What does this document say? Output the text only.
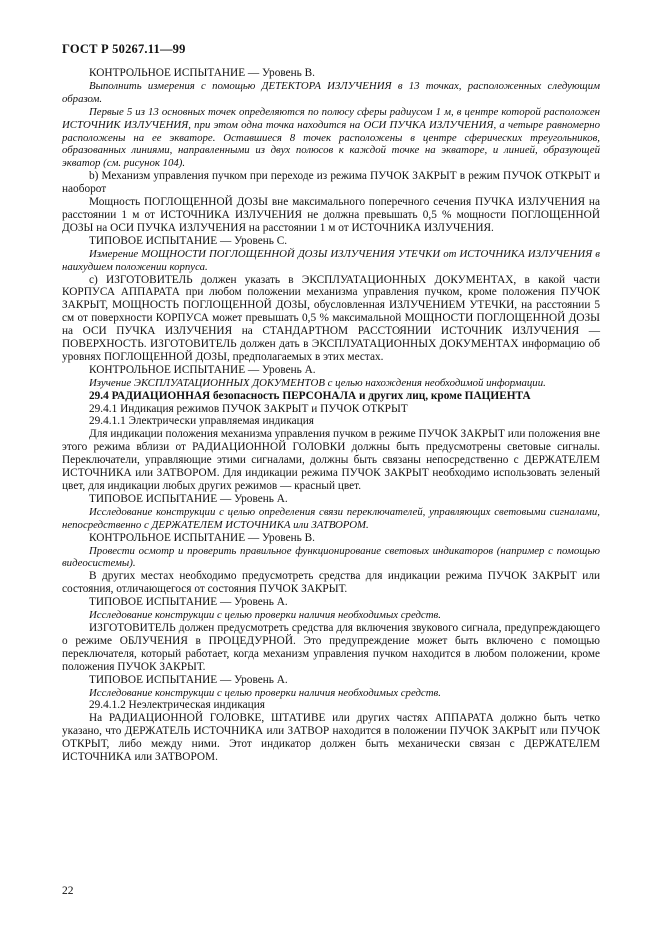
ГОСТ Р 50267.11—99

КОНТРОЛЬНОЕ ИСПЫТАНИЕ — Уровень В.

Выполнить измерения с помощью ДЕТЕКТОРА ИЗЛУЧЕНИЯ в 13 точках, расположенных следующим образом.

Первые 5 из 13 основных точек определяются по полюсу сферы радиусом 1 м, в центре которой расположен ИСТОЧНИК ИЗЛУЧЕНИЯ, при этом одна точка находится на ОСИ ПУЧКА ИЗЛУЧЕНИЯ, а четыре равномерно расположены на ее экваторе. Оставшиеся 8 точек расположены в центре сферических треугольников, образованных линиями, направленными из двух полюсов к каждой точке на экваторе, и линией, образующей экватор (см. рисунок 104).

b) Механизм управления пучком при переходе из режима ПУЧОК ЗАКРЫТ в режим ПУЧОК ОТКРЫТ и наоборот

Мощность ПОГЛОЩЕННОЙ ДОЗЫ вне максимального поперечного сечения ПУЧКА ИЗЛУЧЕНИЯ на расстоянии 1 м от ИСТОЧНИКА ИЗЛУЧЕНИЯ не должна превышать 0,5 % мощности ПОГЛОЩЕННОЙ ДОЗЫ на ОСИ ПУЧКА ИЗЛУЧЕНИЯ на расстоянии 1 м от ИСТОЧНИКА ИЗЛУЧЕНИЯ.

ТИПОВОЕ ИСПЫТАНИЕ — Уровень С.

Измерение МОЩНОСТИ ПОГЛОЩЕННОЙ ДОЗЫ ИЗЛУЧЕНИЯ УТЕЧКИ от ИСТОЧНИКА ИЗЛУЧЕНИЯ в наихудшем положении корпуса.

с) ИЗГОТОВИТЕЛЬ должен указать в ЭКСПЛУАТАЦИОННЫХ ДОКУМЕНТАХ, в какой части КОРПУСА АППАРАТА при любом положении механизма управления пучком, кроме положения ПУЧОК ЗАКРЫТ, МОЩНОСТЬ ПОГЛОЩЕННОЙ ДОЗЫ, обусловленная ИЗЛУЧЕНИЕМ УТЕЧКИ, на расстоянии 5 см от поверхности КОРПУСА может превышать 0,5 % максимальной МОЩНОСТИ ПОГЛОЩЕННОЙ ДОЗЫ на ОСИ ПУЧКА ИЗЛУЧЕНИЯ на СТАНДАРТНОМ РАССТОЯНИИ ИСТОЧНИК ИЗЛУЧЕНИЯ — ПОВЕРХНОСТЬ. ИЗГОТОВИТЕЛЬ должен дать в ЭКСПЛУАТАЦИОННЫХ ДОКУМЕНТАХ информацию об уровнях ПОГЛОЩЕННОЙ ДОЗЫ, предполагаемых в этих местах.

КОНТРОЛЬНОЕ ИСПЫТАНИЕ — Уровень А.

Изучение ЭКСПЛУАТАЦИОННЫХ ДОКУМЕНТОВ с целью нахождения необходимой информации.

29.4 РАДИАЦИОННАЯ безопасность ПЕРСОНАЛА и других лиц, кроме ПАЦИЕНТА

29.4.1 Индикация режимов ПУЧОК ЗАКРЫТ и ПУЧОК ОТКРЫТ

29.4.1.1 Электрически управляемая индикация

Для индикации положения механизма управления пучком в режиме ПУЧОК ЗАКРЫТ или положения вне этого режима вблизи от РАДИАЦИОННОЙ ГОЛОВКИ должны быть предусмотрены световые сигналы. Переключатели, управляющие этими сигналами, должны быть связаны непосредственно с ДЕРЖАТЕЛЕМ ИСТОЧНИКА или ЗАТВОРОМ. Для индикации режима ПУЧОК ЗАКРЫТ необходимо использовать зеленый цвет, для индикации любых других режимов — красный цвет.

ТИПОВОЕ ИСПЫТАНИЕ — Уровень А.

Исследование конструкции с целью определения связи переключателей, управляющих световыми сигналами, непосредственно с ДЕРЖАТЕЛЕМ ИСТОЧНИКА или ЗАТВОРОМ.

КОНТРОЛЬНОЕ ИСПЫТАНИЕ — Уровень В.

Провести осмотр и проверить правильное функционирование световых индикаторов (например с помощью видеосистемы).

В других местах необходимо предусмотреть средства для индикации режима ПУЧОК ЗАКРЫТ или состояния, отличающегося от состояния ПУЧОК ЗАКРЫТ.

ТИПОВОЕ ИСПЫТАНИЕ — Уровень А.

Исследование конструкции с целью проверки наличия необходимых средств.

ИЗГОТОВИТЕЛЬ должен предусмотреть средства для включения звукового сигнала, предупреждающего о режиме ОБЛУЧЕНИЯ в ПРОЦЕДУРНОЙ. Это предупреждение может быть включено с помощью переключателя, который работает, когда механизм управления пучком находится в любом положении, кроме положения ПУЧОК ЗАКРЫТ.

ТИПОВОЕ ИСПЫТАНИЕ — Уровень А.

Исследование конструкции с целью проверки наличия необходимых средств.

29.4.1.2 Неэлектрическая индикация

На РАДИАЦИОННОЙ ГОЛОВКЕ, ШТАТИВЕ или других частях АППАРАТА должно быть четко указано, что ДЕРЖАТЕЛЬ ИСТОЧНИКА или ЗАТВОР находится в положении ПУЧОК ЗАКРЫТ или ПУЧОК ОТКРЫТ, либо между ними. Этот индикатор должен быть механически связан с ДЕРЖАТЕЛЕМ ИСТОЧНИКА или ЗАТВОРОМ.

22
